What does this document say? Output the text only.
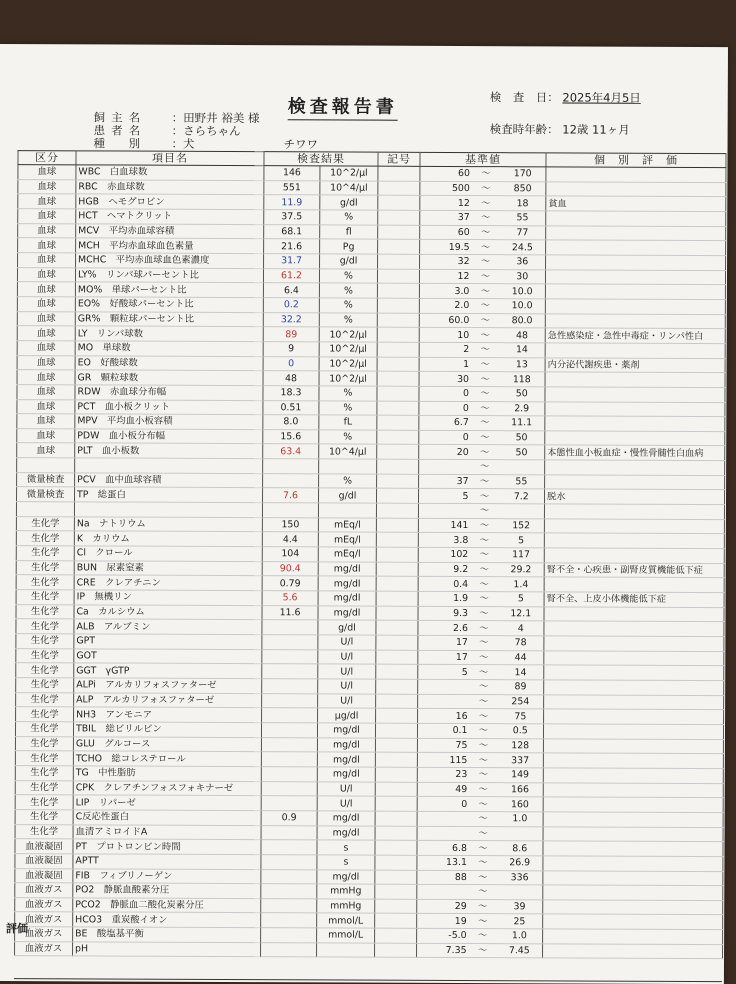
検査報告書	検　査　日： 2025年4月5日
検査時年齢： 12歳 11ヶ月
飼主名 ：田野井 裕美 様
患者名 ：さらちゃん
種　別 ：犬	チワワ
区分	項目名	検査結果		記号	基準値			個　別　評　価
血球	WBC　白血球数	146	10^2/μl		60	～	170	
血球	RBC　赤血球数	551	10^4/μl		500	～	850	
血球	HGB　ヘモグロビン	11.9	g/dl		12	～	18	貧血
血球	HCT　ヘマトクリット	37.5	%		37	～	55	
血球	MCV　平均赤血球容積	68.1	fl		60	～	77	
血球	MCH　平均赤血球血色素量	21.6	Pg		19.5	～	24.5	
血球	MCHC　平均赤血球血色素濃度	31.7	g/dl		32	～	36	
血球	LY%　リンパ球パーセント比	61.2	%		12	～	30	
血球	MO%　単球パーセント比	6.4	%		3.0	～	10.0	
血球	EO%　好酸球パーセント比	0.2	%		2.0	～	10.0	
血球	GR%　顆粒球パーセント比	32.2	%		60.0	～	80.0	
血球	LY　リンパ球数	89	10^2/μl		10	～	48	急性感染症・急性中毒症・リンパ性白
血球	MO　単球数	9	10^2/μl		2	～	14	
血球	EO　好酸球数	0	10^2/μl		1	～	13	内分泌代謝疾患・薬剤
血球	GR　顆粒球数	48	10^2/μl		30	～	118	
血球	RDW　赤血球分布幅	18.3	%		0	～	50	
血球	PCT　血小板クリット	0.51	%		0	～	2.9	
血球	MPV　平均血小板容積	8.0	fL		6.7	～	11.1	
血球	PDW　血小板分布幅	15.6	%		0	～	50	
血球	PLT　血小板数	63.4	10^4/μl		20	～	50	本態性血小板血症・慢性骨髄性白血病
						～		
微量検査	PCV　血中血球容積		%		37	～	55	
微量検査	TP　総蛋白	7.6	g/dl		5	～	7.2	脱水
						～		
生化学	Na　ナトリウム	150	mEq/l		141	～	152	
生化学	K　カリウム	4.4	mEq/l		3.8	～	5	
生化学	Cl　クロール	104	mEq/l		102	～	117	
生化学	BUN　尿素窒素	90.4	mg/dl		9.2	～	29.2	腎不全・心疾患・副腎皮質機能低下症
生化学	CRE　クレアチニン	0.79	mg/dl		0.4	～	1.4	
生化学	IP　無機リン	5.6	mg/dl		1.9	～	5	腎不全、上皮小体機能低下症
生化学	Ca　カルシウム	11.6	mg/dl		9.3	～	12.1	
生化学	ALB　アルブミン		g/dl		2.6	～	4	
生化学	GPT		U/l		17	～	78	
生化学	GOT		U/l		17	～	44	
生化学	GGT　γGTP		U/l		5	～	14	
生化学	ALPi　アルカリフォスファターゼ		U/l			～	89	
生化学	ALP　アルカリフォスファターゼ		U/l			～	254	
生化学	NH3　アンモニア		μg/dl		16	～	75	
生化学	TBIL　総ビリルビン		mg/dl		0.1	～	0.5	
生化学	GLU　グルコース		mg/dl		75	～	128	
生化学	TCHO　総コレステロール		mg/dl		115	～	337	
生化学	TG　中性脂肪		mg/dl		23	～	149	
生化学	CPK　クレアチンフォスフォキナーゼ		U/l		49	～	166	
生化学	LIP　リパーゼ		U/l		0	～	160	
生化学	C反応性蛋白	0.9	mg/dl			～	1.0	
生化学	血清アミロイドA		mg/dl			～		
血液凝固	PT　プロトロンビン時間		s		6.8	～	8.6	
血液凝固	APTT		s		13.1	～	26.9	
血液凝固	FIB　フィブリノーゲン		mg/dl		88	～	336	
血液ガス	PO2　静脈血酸素分圧		mmHg			～		
血液ガス	PCO2　静脈血二酸化炭素分圧		mmHg		29	～	39	
血液ガス	HCO3　重炭酸イオン		mmol/L		19	～	25	
血液ガス	BE　酸塩基平衡		mmol/L		-5.0	～	1.0	
血液ガス	pH				7.35	～	7.45	
評価
